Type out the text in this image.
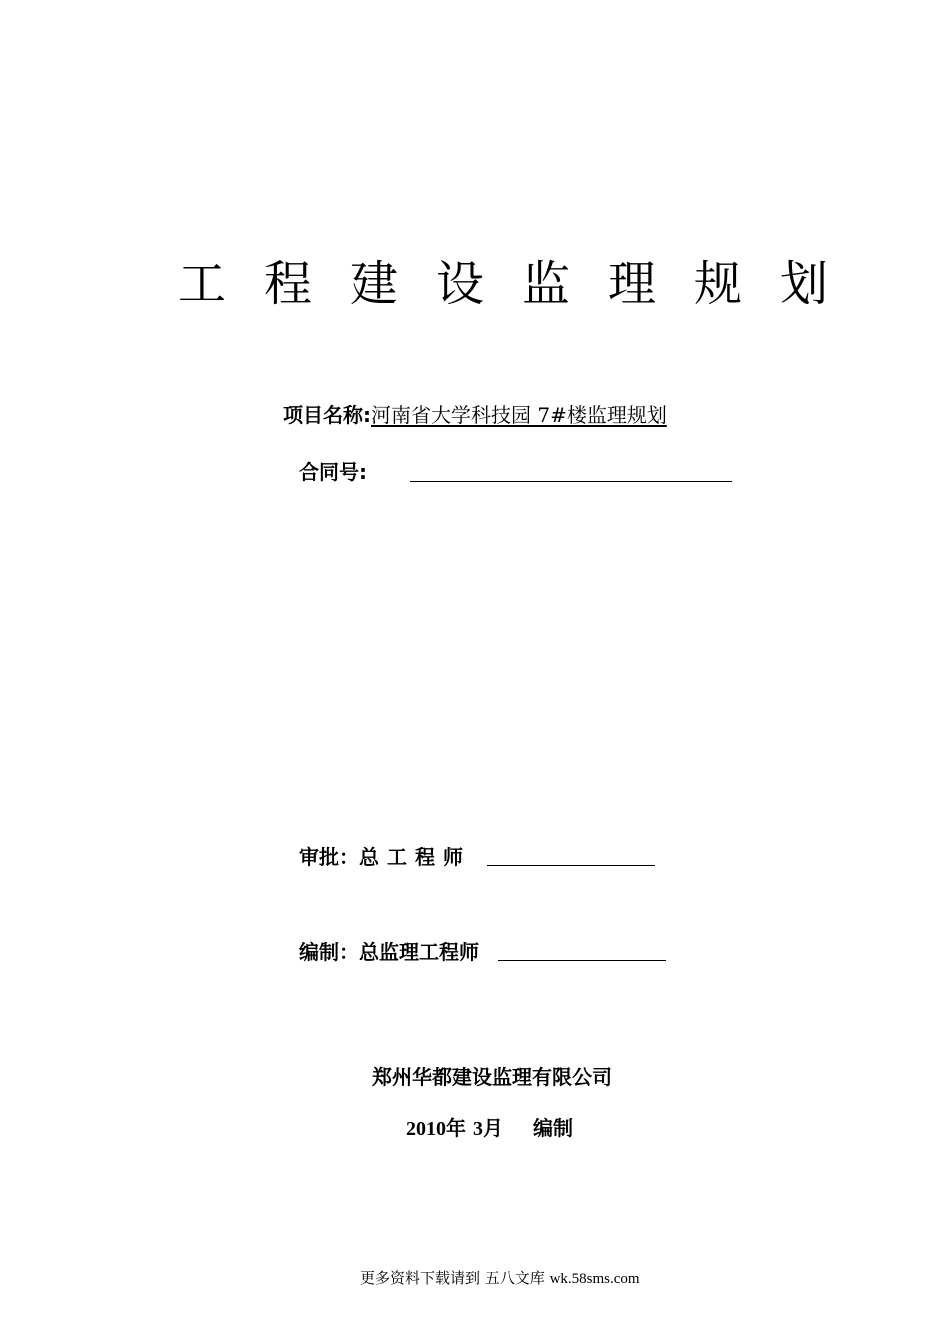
工程建设监理规划
项目名称:河南省大学科技园 7#楼监理规划
合同号:
审批：总工程师
编制：总监理工程师
郑州华都建设监理有限公司
2010年 3月 编制
更多资料下载请到 五八文库 wk.58sms.com
